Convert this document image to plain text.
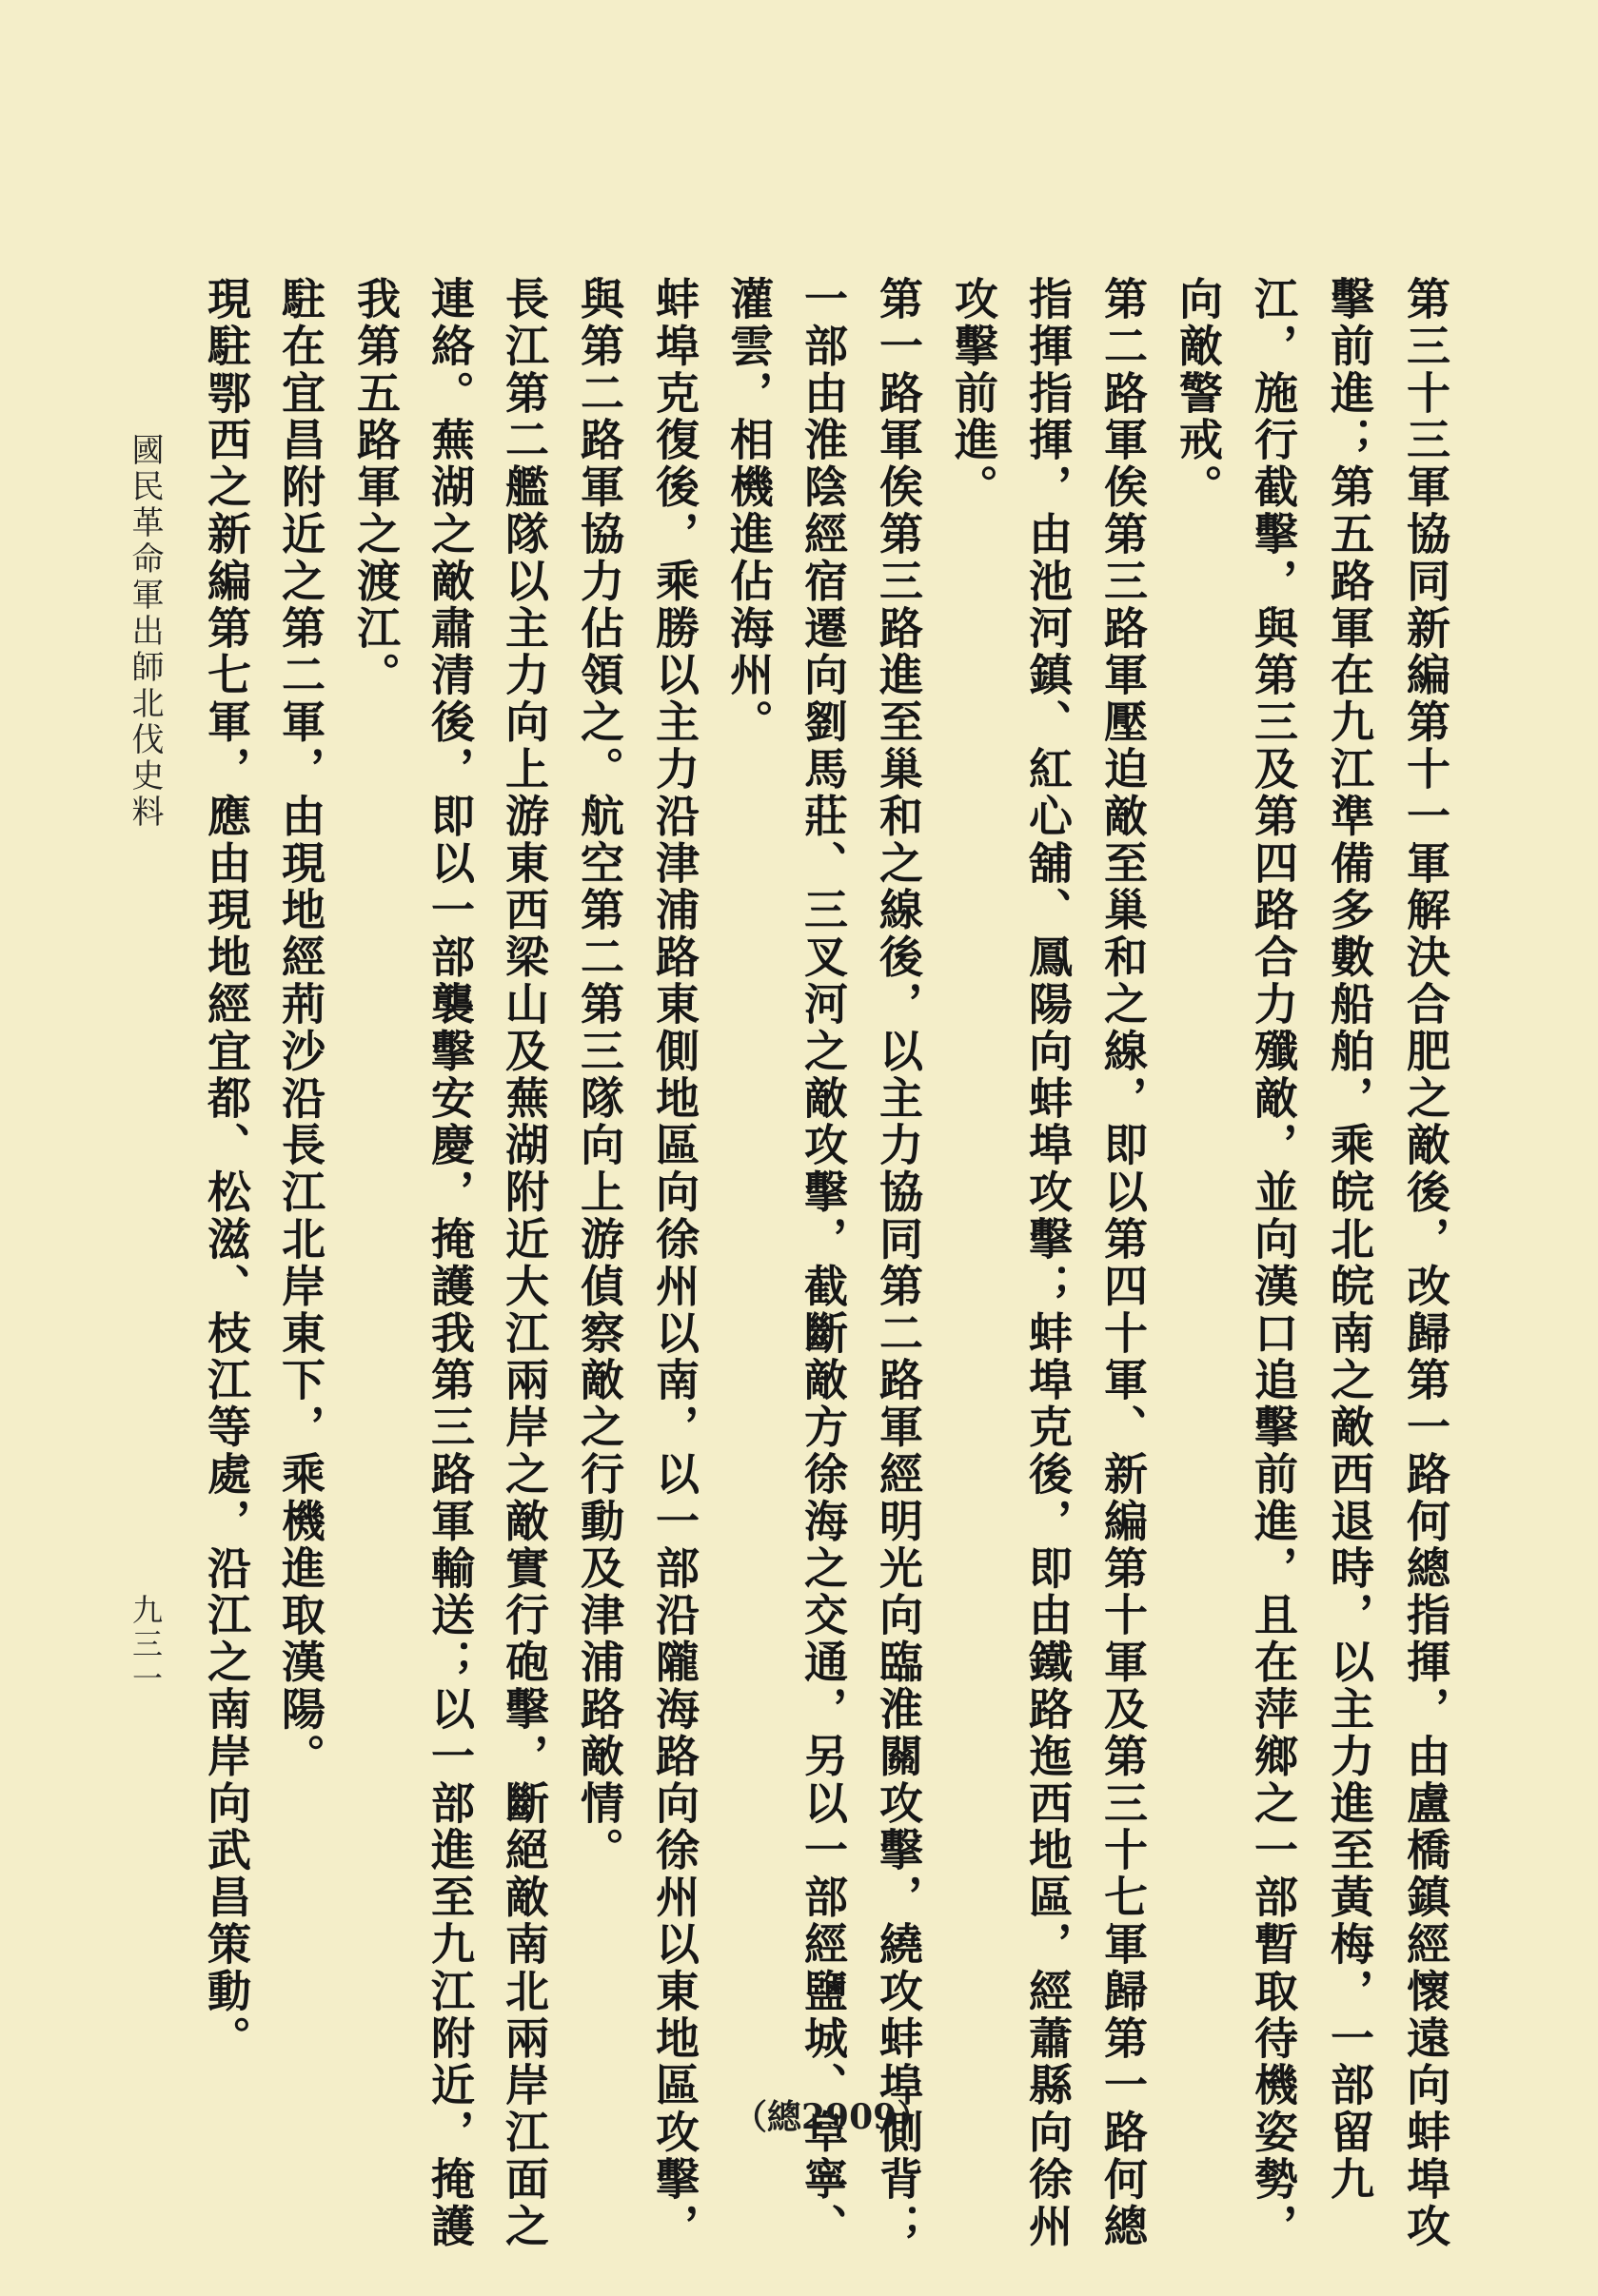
第三十三軍協同新編第十一軍解決合肥之敵後，改歸第一路何總指揮，由盧橋鎮經懷遠向蚌埠攻
擊前進；第五路軍在九江準備多數船舶，乘皖北皖南之敵西退時，以主力進至黃梅，一部留九
江，施行截擊，與第三及第四路合力殲敵，並向漢口追擊前進，且在萍鄉之一部暫取待機姿勢，
向敵警戒。
第二路軍俟第三路軍壓迫敵至巢和之線，即以第四十軍、新編第十軍及第三十七軍歸第一路何總
指揮指揮，由池河鎮、紅心舖、鳳陽向蚌埠攻擊；蚌埠克後，即由鐵路迤西地區，經蕭縣向徐州
攻擊前進。
第一路軍俟第三路進至巢和之線後，以主力協同第二路軍經明光向臨淮關攻擊，繞攻蚌埠側背；
一部由淮陰經宿遷向劉馬莊、三叉河之敵攻擊，截斷敵方徐海之交通，另以一部經鹽城、阜寧、
灌雲，相機進佔海州。
蚌埠克復後，乘勝以主力沿津浦路東側地區向徐州以南，以一部沿隴海路向徐州以東地區攻擊，
與第二路軍協力佔領之。航空第二第三隊向上游偵察敵之行動及津浦路敵情。
長江第二艦隊以主力向上游東西梁山及蕪湖附近大江兩岸之敵實行砲擊，斷絕敵南北兩岸江面之
連絡。蕪湖之敵肅清後，即以一部襲擊安慶，掩護我第三路軍輸送；以一部進至九江附近，掩護
我第五路軍之渡江。
駐在宜昌附近之第二軍，由現地經荊沙沿長江北岸東下，乘機進取漢陽。
現駐鄂西之新編第七軍，應由現地經宜都、松滋、枝江等處，沿江之南岸向武昌策動。
國民革命軍出師北伐史料
九三一
（總2909）
